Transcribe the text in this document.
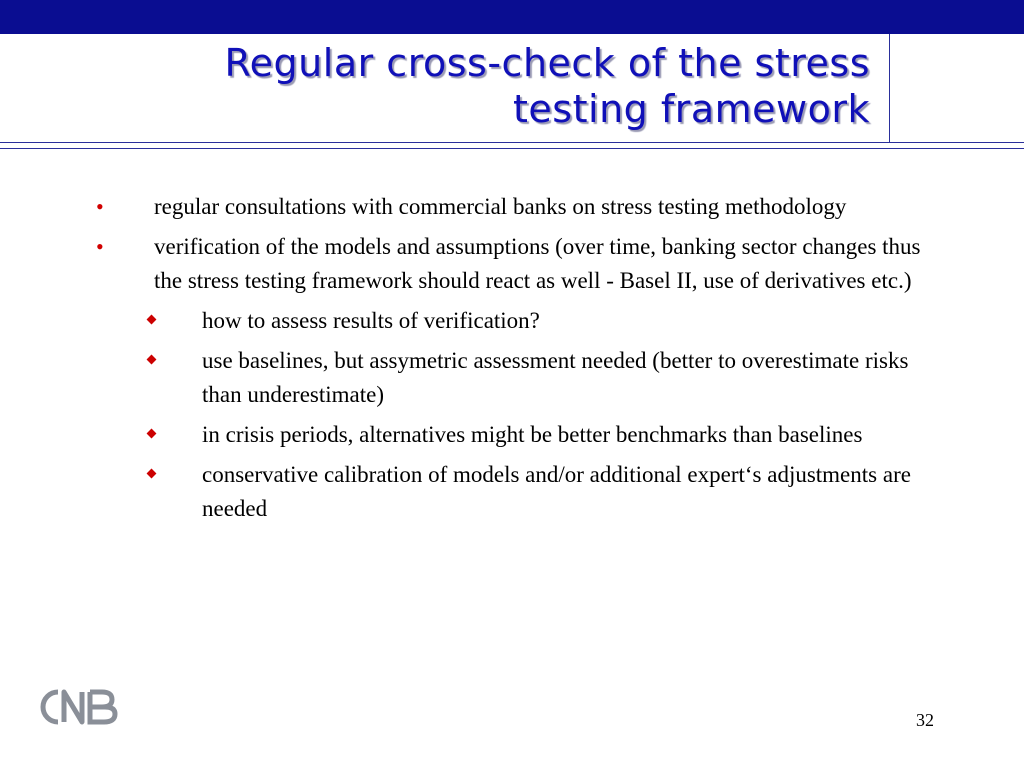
Regular cross-check of the stress
testing framework
• regular consultations with commercial banks on stress testing methodology
• verification of the models and assumptions (over time, banking sector changes thus the stress testing framework should react as well - Basel II, use of derivatives etc.)
how to assess results of verification?
use baselines, but assymetric assessment needed (better to overestimate risks than underestimate)
in crisis periods, alternatives might be better benchmarks than baselines
conservative calibration of models and/or additional expert‘s adjustments are needed
32
